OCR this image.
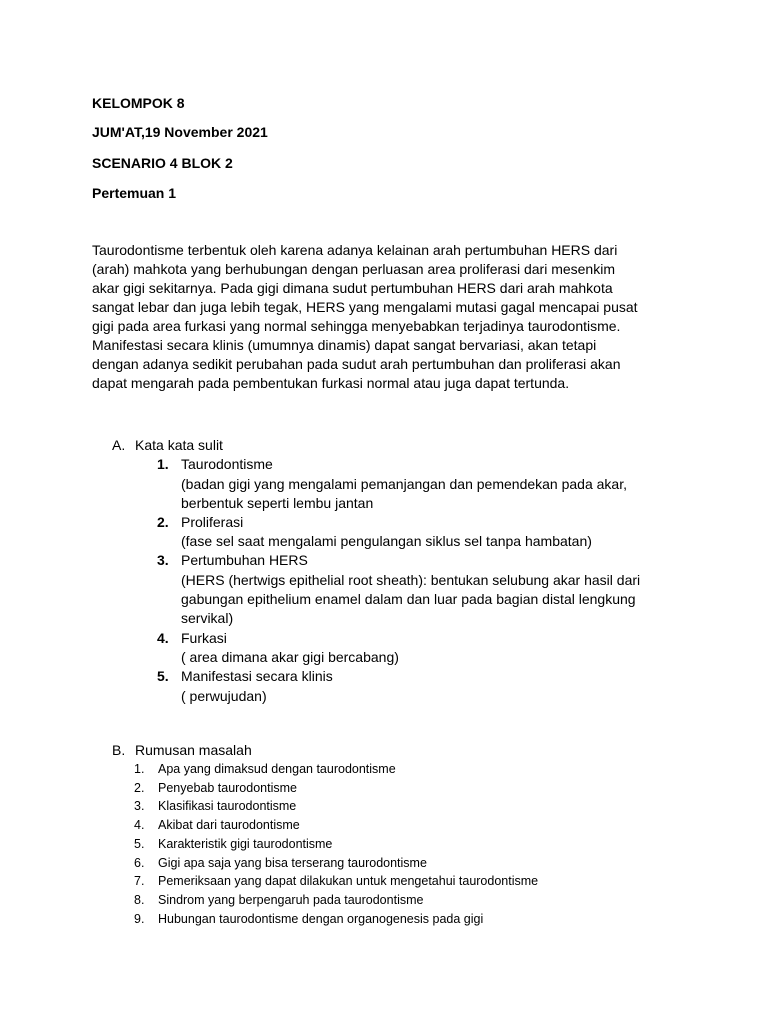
KELOMPOK 8
JUM'AT,19 November 2021
SCENARIO 4 BLOK 2
Pertemuan 1
Taurodontisme terbentuk oleh karena adanya kelainan arah pertumbuhan HERS dari
(arah) mahkota yang berhubungan dengan perluasan area proliferasi dari mesenkim
akar gigi sekitarnya. Pada gigi dimana sudut pertumbuhan HERS dari arah mahkota
sangat lebar dan juga lebih tegak, HERS yang mengalami mutasi gagal mencapai pusat
gigi pada area furkasi yang normal sehingga menyebabkan terjadinya taurodontisme.
Manifestasi secara klinis (umumnya dinamis) dapat sangat bervariasi, akan tetapi
dengan adanya sedikit perubahan pada sudut arah pertumbuhan dan proliferasi akan
dapat mengarah pada pembentukan furkasi normal atau juga dapat tertunda.
A. Kata kata sulit
1. Taurodontisme
(badan gigi yang mengalami pemanjangan dan pemendekan pada akar,
berbentuk seperti lembu jantan
2. Proliferasi
(fase sel saat mengalami pengulangan siklus sel tanpa hambatan)
3. Pertumbuhan HERS
(HERS (hertwigs epithelial root sheath): bentukan selubung akar hasil dari
gabungan epithelium enamel dalam dan luar pada bagian distal lengkung
servikal)
4. Furkasi
( area dimana akar gigi bercabang)
5. Manifestasi secara klinis
( perwujudan)
B. Rumusan masalah
1. Apa yang dimaksud dengan taurodontisme
2. Penyebab taurodontisme
3. Klasifikasi taurodontisme
4. Akibat dari taurodontisme
5. Karakteristik gigi taurodontisme
6. Gigi apa saja yang bisa terserang taurodontisme
7. Pemeriksaan yang dapat dilakukan untuk mengetahui taurodontisme
8. Sindrom yang berpengaruh pada taurodontisme
9. Hubungan taurodontisme dengan organogenesis pada gigi
